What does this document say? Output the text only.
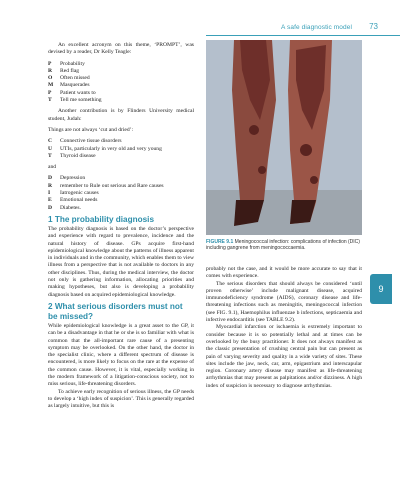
A safe diagnostic model 73

An excellent acronym on this theme, ‘PROMPT’, was devised by a reader, Dr Kelly Teagle:

P	Probability
R	Red flag
O	Often missed
M	Masquerades
P	Patient wants to
T	Tell me something

Another contribution is by Flinders University medical student, Judah:

Things are not always ‘cut and dried’:

C	Connective tissue disorders
U	UTIs, particularly in very old and very young
T	Thyroid disease

and

D	Depression
R	remember to Rule out serious and Rare causes
I	Iatrogenic causes
E	Emotional needs
D	Diabetes.
1 The probability diagnosis

The probability diagnosis is based on the doctor’s perspective and experience with regard to prevalence, incidence and the natural history of disease. GPs acquire first-hand epidemiological knowledge about the patterns of illness apparent in individuals and in the community, which enables them to view illness from a perspective that is not available to doctors in any other disciplines. Thus, during the medical interview, the doctor not only is gathering information, allocating priorities and making hypotheses, but also is developing a probability diagnosis based on acquired epidemiological knowledge.

2 What serious disorders must not be missed?

While epidemiological knowledge is a great asset to the GP, it can be a disadvantage in that he or she is so familiar with what is common that the all-important rare cause of a presenting symptom may be overlooked. On the other hand, the doctor in the specialist clinic, where a different spectrum of disease is encountered, is more likely to focus on the rare at the expense of the common cause. However, it is vital, especially working in the modern framework of a litigation-conscious society, not to miss serious, life-threatening disorders.

To achieve early recognition of serious illness, the GP needs to develop a ‘high index of suspicion’. This is generally regarded as largely intuitive, but this is

FIGURE 9.1 Meningococcal infection: complications of infection (DIC) including gangrene from meningococcaemia.

probably not the case, and it would be more accurate to say that it comes with experience.

The serious disorders that should always be considered ‘until proven otherwise’ include malignant disease, acquired immunodeficiency syndrome (AIDS), coronary disease and life-threatening infections such as meningitis, meningococcal infection (see FIG. 9.1), Haemophilus influenzae b infections, septicaemia and infective endocarditis (see TABLE 9.2).

Myocardial infarction or ischaemia is extremely important to consider because it is so potentially lethal and at times can be overlooked by the busy practitioner. It does not always manifest as the classic presentation of crushing central pain but can present as pain of varying severity and quality in a wide variety of sites. These sites include the jaw, neck, car, arm, epigastrium and interscapular region. Coronary artery disease may manifest as life-threatening arrhythmias that may present as palpitations and/or dizziness. A high index of suspicion is necessary to diagnose arrhythmias.

9
